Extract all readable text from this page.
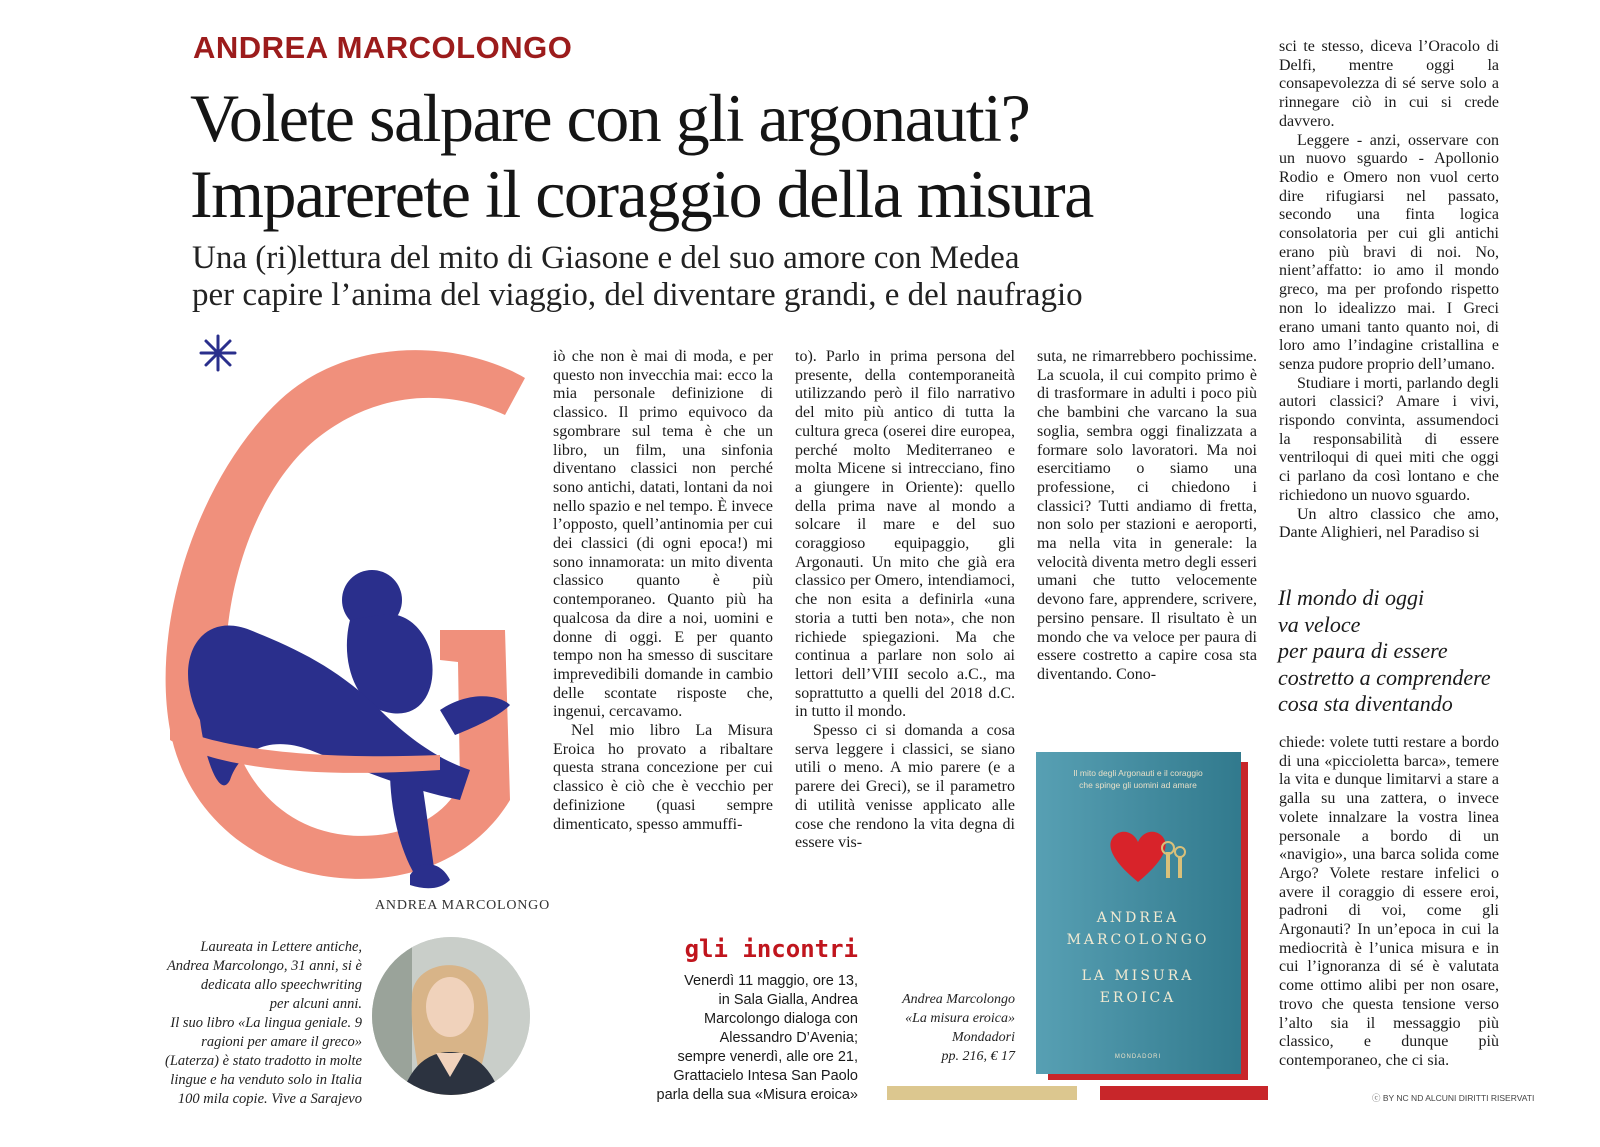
ANDREA MARCOLONGO
Volete salpare con gli argonauti?
Imparerete il coraggio della misura
Una (ri)lettura del mito di Giasone e del suo amore con Medea
per capire l’anima del viaggio, del diventare grandi, e del naufragio
ANDREA MARCOLONGO

iò che non è mai di moda, e per questo non invecchia mai: ecco la mia personale definizione di classico. Il primo equivoco da sgombrare sul tema è che un libro, un film, una sinfonia diventano classici non perché sono antichi, datati, lontani da noi nello spazio e nel tempo. È invece l’opposto, quell’antinomia per cui dei classici (di ogni epoca!) mi sono innamorata: un mito diventa classico quanto è più contemporaneo. Quanto più ha qualcosa da dire a noi, uomini e donne di oggi. E per quanto tempo non ha smesso di suscitare imprevedibili domande in cambio delle scontate risposte che, ingenui, cercavamo.

Nel mio libro La Misura Eroica ho provato a ribaltare questa strana concezione per cui classico è ciò che è vecchio per definizione (quasi sempre dimenticato, spesso ammuffi-

to). Parlo in prima persona del presente, della contemporaneità utilizzando però il filo narrativo del mito più antico di tutta la cultura greca (oserei dire europea, perché molto Mediterraneo e molta Micene si intrecciano, fino a giungere in Oriente): quello della prima nave al mondo a solcare il mare e del suo coraggioso equipaggio, gli Argonauti. Un mito che già era classico per Omero, intendiamoci, che non esita a definirla «una storia a tutti ben nota», che non richiede spiegazioni. Ma che continua a parlare non solo ai lettori dell’VIII secolo a.C., ma soprattutto a quelli del 2018 d.C. in tutto il mondo.

Spesso ci si domanda a cosa serva leggere i classici, se siano utili o meno. A mio parere (e a parere dei Greci), se il parametro di utilità venisse applicato alle cose che rendono la vita degna di essere vis-

suta, ne rimarrebbero pochissime. La scuola, il cui compito primo è di trasformare in adulti i poco più che bambini che varcano la sua soglia, sembra oggi finalizzata a formare solo lavoratori. Ma noi esercitiamo o siamo una professione, ci chiedono i classici? Tutti andiamo di fretta, non solo per stazioni e aeroporti, ma nella vita in generale: la velocità diventa metro degli esseri umani che tutto velocemente devono fare, apprendere, scrivere, persino pensare. Il risultato è un mondo che va veloce per paura di essere costretto a capire cosa sta diventando. Cono-

sci te stesso, diceva l’Oracolo di Delfi, mentre oggi la consapevolezza di sé serve solo a rinnegare ciò in cui si crede davvero.

Leggere - anzi, osservare con un nuovo sguardo - Apollonio Rodio e Omero non vuol certo dire rifugiarsi nel passato, secondo una finta logica consolatoria per cui gli antichi erano più bravi di noi. No, nient’affatto: io amo il mondo greco, ma per profondo rispetto non lo idealizzo mai. I Greci erano umani tanto quanto noi, di loro amo l’indagine cristallina e senza pudore proprio dell’umano.

Studiare i morti, parlando degli autori classici? Amare i vivi, rispondo convinta, assumendoci la responsabilità di essere ventriloqui di quei miti che oggi ci parlano da così lontano e che richiedono un nuovo sguardo.

Un altro classico che amo, Dante Alighieri, nel Paradiso si

Il mondo di oggi
va veloce
per paura di essere
costretto a comprendere
cosa sta diventando

chiede: volete tutti restare a bordo di una «piccioletta barca», temere la vita e dunque limitarvi a stare a galla su una zattera, o invece volete innalzare la vostra linea personale a bordo di un «navigio», una barca solida come Argo? Volete restare infelici o avere il coraggio di essere eroi, padroni di voi, come gli Argonauti? In un’epoca in cui la mediocrità è l’unica misura e in cui l’ignoranza di sé è valutata come ottimo alibi per non osare, trovo che questa tensione verso l’alto sia il messaggio più classico, e dunque più contemporaneo, che ci sia.

Laureata in Lettere antiche,
Andrea Marcolongo, 31 anni, si è
dedicata allo speechwriting
per alcuni anni.
Il suo libro «La lingua geniale. 9
ragioni per amare il greco»
(Laterza) è stato tradotto in molte
lingue e ha venduto solo in Italia
100 mila copie. Vive a Sarajevo
gli incontri
Venerdì 11 maggio, ore 13,
in Sala Gialla, Andrea
Marcolongo dialoga con
Alessandro D’Avenia;
sempre venerdì, alle ore 21,
Grattacielo Intesa San Paolo
parla della sua «Misura eroica»
Andrea Marcolongo
«La misura eroica»
Mondadori
pp. 216, € 17
Il mito degli Argonauti e il coraggio
che spinge gli uomini ad amare
ANDREA
MARCOLONGO
LA MISURA
EROICA
MONDADORI
ⓒ BY NC ND ALCUNI DIRITTI RISERVATI
